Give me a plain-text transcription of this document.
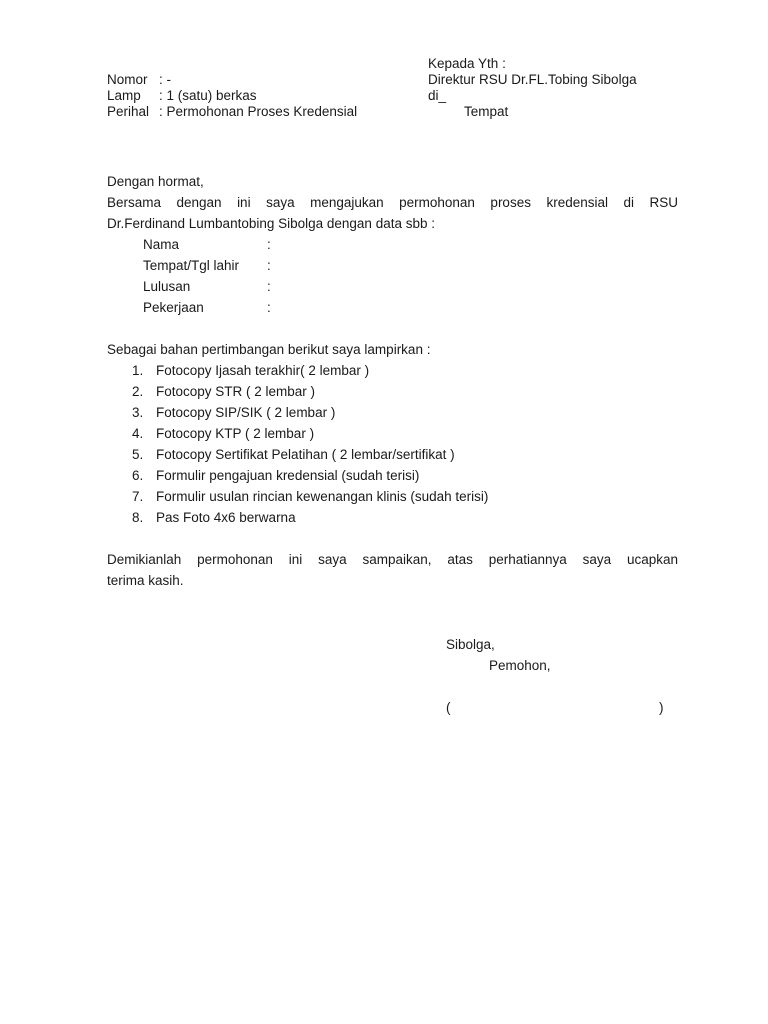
Kepada Yth :
Direktur RSU Dr.FL.Tobing Sibolga
di_
Tempat
Nomor : -
Lamp : 1 (satu) berkas
Perihal : Permohonan Proses Kredensial
Dengan hormat,
Bersama dengan ini saya mengajukan permohonan proses kredensial di RSU
Dr.Ferdinand Lumbantobing Sibolga dengan data sbb :
Nama	:
Tempat/Tgl lahir :
Lulusan	:
Pekerjaan	:
Sebagai bahan pertimbangan berikut saya lampirkan :
1. Fotocopy Ijasah terakhir( 2 lembar )
2. Fotocopy STR ( 2 lembar )
3. Fotocopy SIP/SIK ( 2 lembar )
4. Fotocopy KTP ( 2 lembar )
5. Fotocopy Sertifikat Pelatihan ( 2 lembar/sertifikat )
6. Formulir pengajuan kredensial (sudah terisi)
7. Formulir usulan rincian kewenangan klinis (sudah terisi)
8. Pas Foto 4x6 berwarna
Demikianlah permohonan ini saya sampaikan, atas perhatiannya saya ucapkan
terima kasih.
Sibolga,
Pemohon,
(	)
